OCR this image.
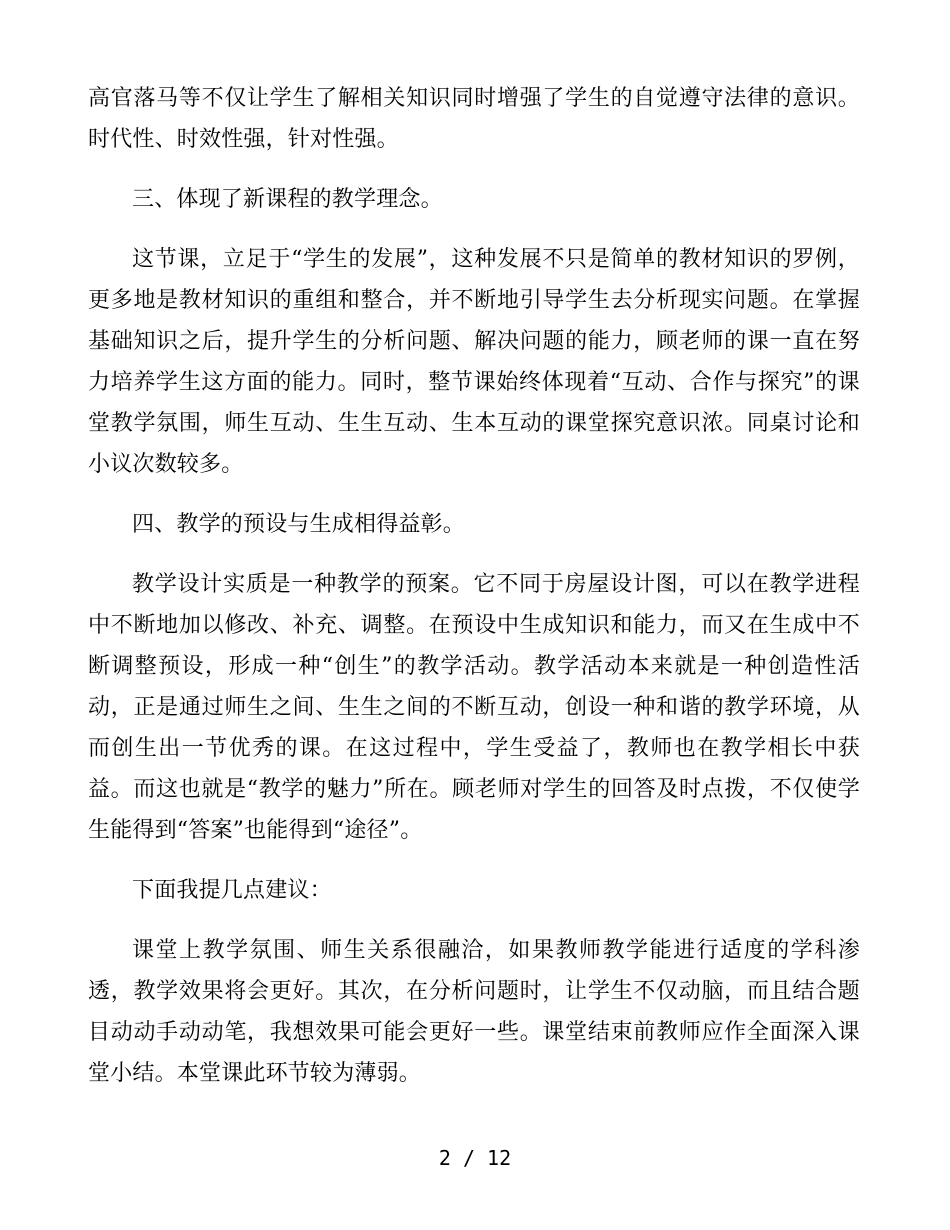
高官落马等不仅让学生了解相关知识同时增强了学生的自觉遵守法律的意识。时代性、时效性强，针对性强。

三、体现了新课程的教学理念。

这节课，立足于“学生的发展”，这种发展不只是简单的教材知识的罗例，更多地是教材知识的重组和整合，并不断地引导学生去分析现实问题。在掌握基础知识之后，提升学生的分析问题、解决问题的能力，顾老师的课一直在努力培养学生这方面的能力。同时，整节课始终体现着“互动、合作与探究”的课堂教学氛围，师生互动、生生互动、生本互动的课堂探究意识浓。同桌讨论和小议次数较多。

四、教学的预设与生成相得益彰。

教学设计实质是一种教学的预案。它不同于房屋设计图，可以在教学进程中不断地加以修改、补充、调整。在预设中生成知识和能力，而又在生成中不断调整预设，形成一种“创生”的教学活动。教学活动本来就是一种创造性活动，正是通过师生之间、生生之间的不断互动，创设一种和谐的教学环境，从而创生出一节优秀的课。在这过程中，学生受益了，教师也在教学相长中获益。而这也就是“教学的魅力”所在。顾老师对学生的回答及时点拨，不仅使学生能得到“答案”也能得到“途径”。

下面我提几点建议：

课堂上教学氛围、师生关系很融洽，如果教师教学能进行适度的学科渗透，教学效果将会更好。其次，在分析问题时，让学生不仅动脑，而且结合题目动动手动动笔，我想效果可能会更好一些。课堂结束前教师应作全面深入课堂小结。本堂课此环节较为薄弱。

2 / 12
